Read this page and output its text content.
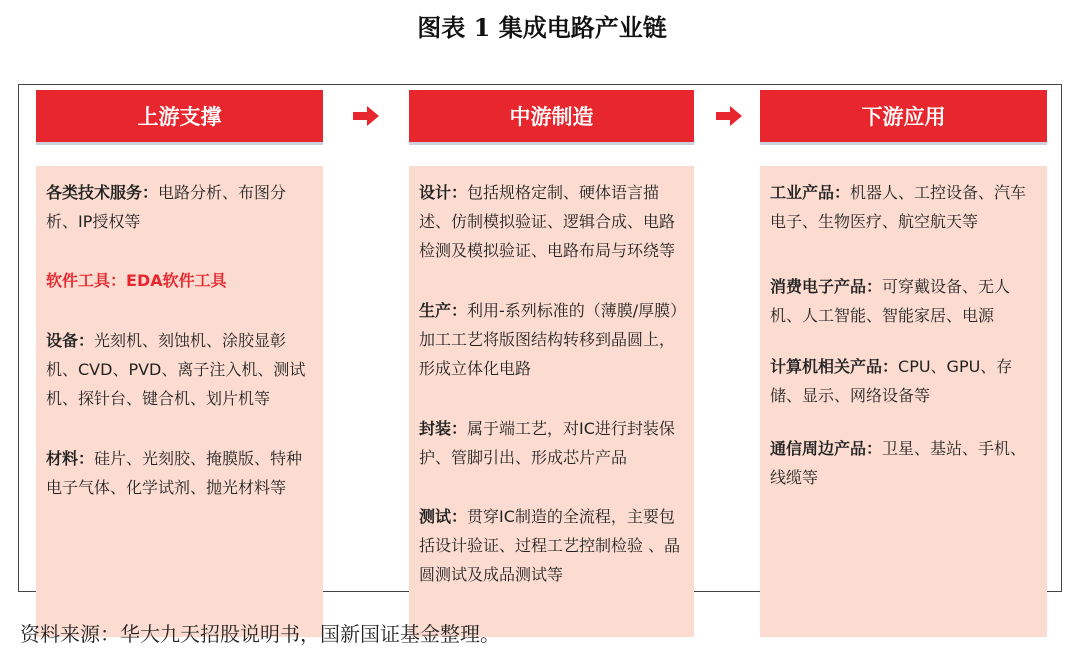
图表 1 集成电路产业链
上游支撑
各类技术服务：电路分析、布图分析、IP授权等
软件工具：EDA软件工具
设备：光刻机、刻蚀机、涂胶显彰机、CVD、PVD、离子注入机、测试机、探针台、键合机、划片机等
材料：硅片、光刻胶、掩膜版、特种电子气体、化学试剂、抛光材料等
中游制造
设计：包括规格定制、硬体语言描述、仿制模拟验证、逻辑合成、电路检测及模拟验证、电路布局与环绕等
生产：利用-系列标准的（薄膜/厚膜）加工工艺将版图结构转移到晶圆上，形成立体化电路
封装：属于端工艺，对IC进行封装保护、管脚引出、形成芯片产品
测试：贯穿IC制造的全流程，主要包括设计验证、过程工艺控制检验 、晶圆测试及成品测试等
下游应用
工业产品：机器人、工控设备、汽车电子、生物医疗、航空航天等
消费电子产品：可穿戴设备、无人机、人工智能、智能家居、电源
计算机相关产品：CPU、GPU、存储、显示、网络设备等
通信周边产品：卫星、基站、手机、线缆等
资料来源：华大九天招股说明书，国新国证基金整理。
